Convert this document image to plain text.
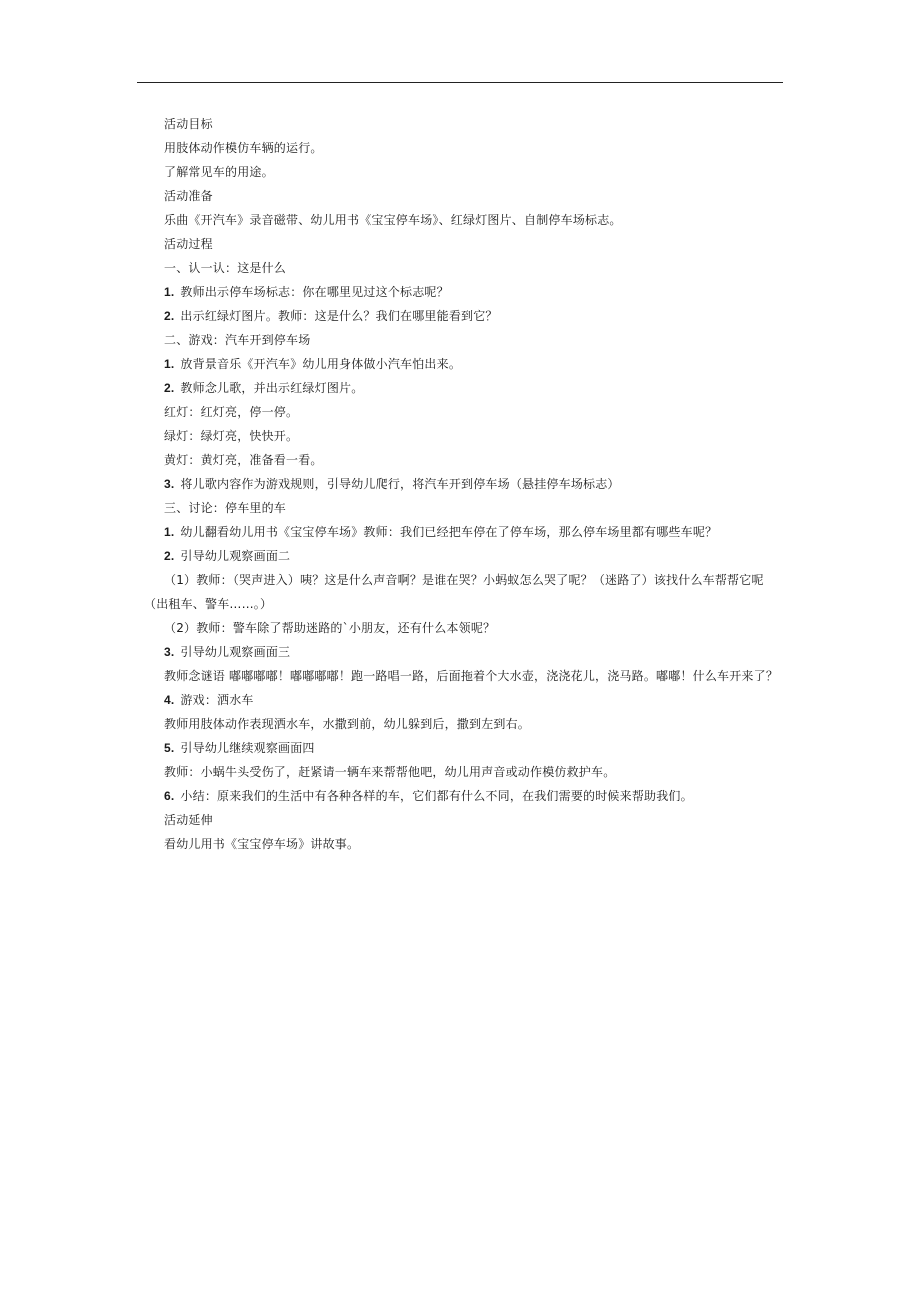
活动目标
用肢体动作模仿车辆的运行。
了解常见车的用途。
活动准备
乐曲《开汽车》录音磁带、幼儿用书《宝宝停车场》、红绿灯图片、自制停车场标志。
活动过程
一、认一认：这是什么
1. 教师出示停车场标志：你在哪里见过这个标志呢？
2. 出示红绿灯图片。教师：这是什么？我们在哪里能看到它？
二、游戏：汽车开到停车场
1. 放背景音乐《开汽车》幼儿用身体做小汽车怕出来。
2. 教师念儿歌，并出示红绿灯图片。
红灯：红灯亮，停一停。
绿灯：绿灯亮，快快开。
黄灯：黄灯亮，准备看一看。
3. 将儿歌内容作为游戏规则，引导幼儿爬行，将汽车开到停车场（悬挂停车场标志）
三、讨论：停车里的车
1. 幼儿翻看幼儿用书《宝宝停车场》教师：我们已经把车停在了停车场，那么停车场里都有哪些车呢？
2. 引导幼儿观察画面二
（1）教师：（哭声进入）咦？这是什么声音啊？是谁在哭？小蚂蚁怎么哭了呢？（迷路了）该找什么车帮帮它呢
（出租车、警车……。）
（2）教师：警车除了帮助迷路的`小朋友，还有什么本领呢？
3. 引导幼儿观察画面三
教师念谜语 嘟嘟嘟嘟！嘟嘟嘟嘟！跑一路唱一路，后面拖着个大水壶，浇浇花儿，浇马路。嘟嘟！什么车开来了？
4. 游戏：洒水车
教师用肢体动作表现洒水车，水撒到前，幼儿躲到后，撒到左到右。
5. 引导幼儿继续观察画面四
教师：小蜗牛头受伤了，赶紧请一辆车来帮帮他吧，幼儿用声音或动作模仿救护车。
6. 小结：原来我们的生活中有各种各样的车，它们都有什么不同，在我们需要的时候来帮助我们。
活动延伸
看幼儿用书《宝宝停车场》讲故事。
